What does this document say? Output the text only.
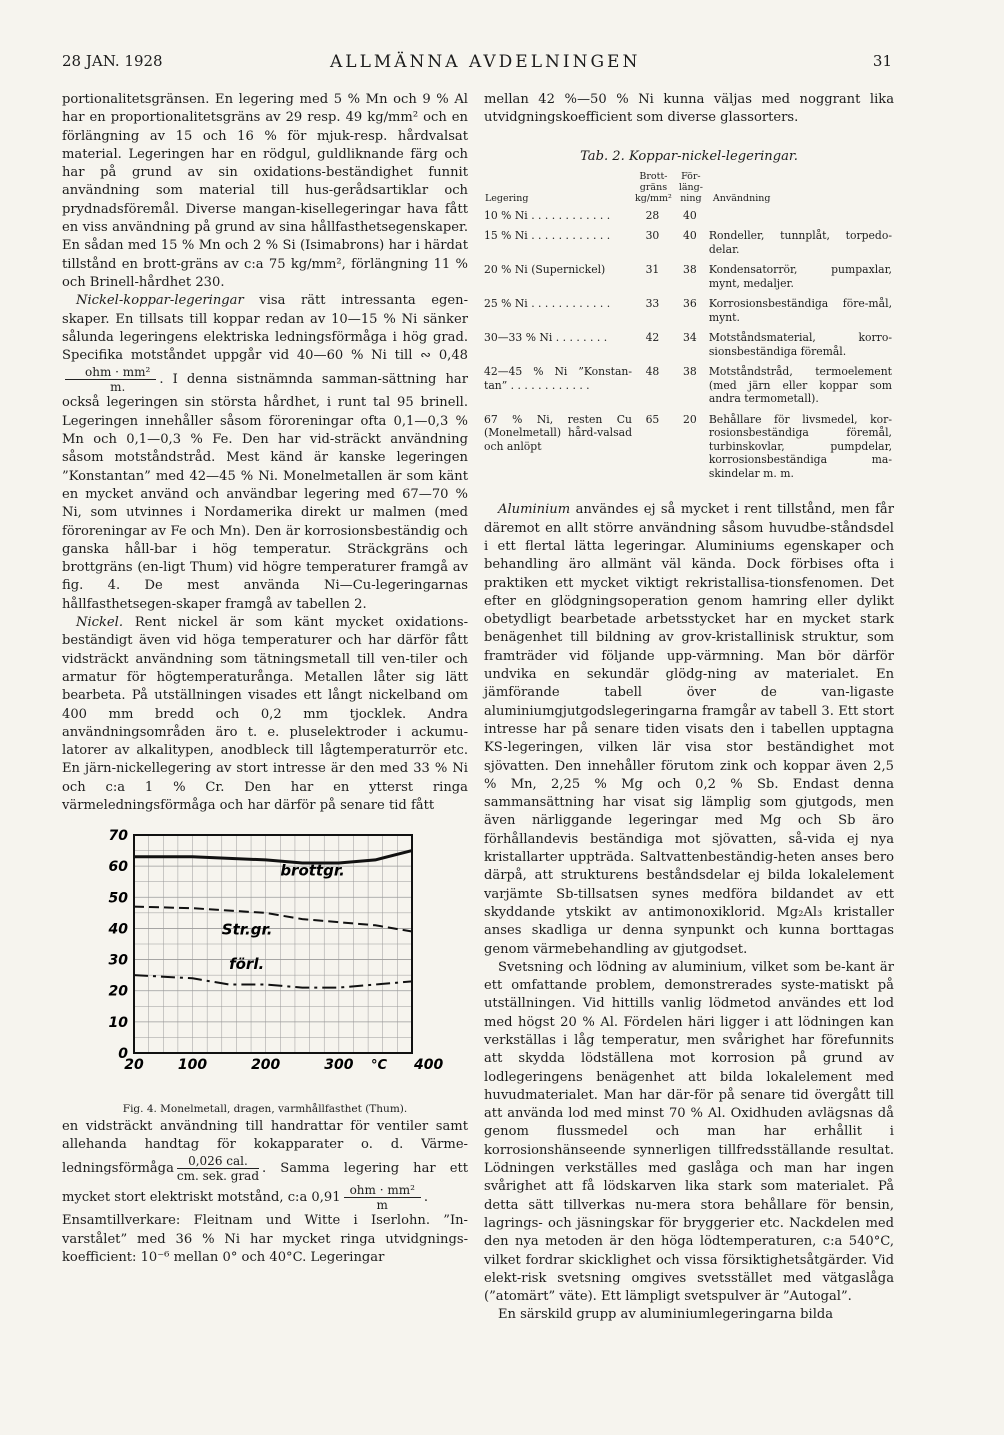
28 JAN. 1928	ALLMÄNNA AVDELNINGEN	31

portionalitetsgränsen. En legering med 5 % Mn och 9 % Al har en proportionalitetsgräns av 29 resp. 49 kg/mm² och en förlängning av 15 och 16 % för mjuk-resp. hårdvalsat material. Legeringen har en rödgul, guldliknande färg och har på grund av sin oxidations-beständighet funnit användning som material till hus-gerådsartiklar och prydnadsföremål. Diverse mangan-kisellegeringar hava fått en viss användning på grund av sina hållfasthetsegenskaper. En sådan med 15 % Mn och 2 % Si (Isimabrons) har i härdat tillstånd en brott-gräns av c:a 75 kg/mm², förlängning 11 % och Brinell-hårdhet 230.

Nickel-koppar-legeringar visa rätt intressanta egen-skaper. En tillsats till koppar redan av 10—15 % Ni sänker sålunda legeringens elektriska ledningsförmåga i hög grad. Specifika motståndet uppgår vid 40—60 % Ni till ∾ 0,48
$\frac{\text{ohm · mm²}}{m.}$ . I denna sistnämnda samman-sättning har också legeringen sin största hårdhet, i runt tal 95 brinell. Legeringen innehåller såsom föroreningar ofta 0,1—0,3 % Mn och 0,1—0,3 % Fe. Den har vid-sträckt användning såsom motståndstråd. Mest känd är kanske legeringen ”Konstantan” med 42—45 % Ni. Monelmetallen är som känt en mycket använd och användbar legering med 67—70 % Ni, som utvinnes i Nordamerika direkt ur malmen (med föroreningar av Fe och Mn). Den är korrosionsbeständig och ganska håll-bar i hög temperatur. Sträckgräns och brottgräns (en-ligt Thum) vid högre temperaturer framgå av fig. 4. De mest använda Ni—Cu-legeringarnas hållfasthetsegen-skaper framgå av tabellen 2.

Nickel. Rent nickel är som känt mycket oxidations-beständigt även vid höga temperaturer och har därför fått vidsträckt användning som tätningsmetall till ven-tiler och armatur för högtemperaturånga. Metallen låter sig lätt bearbeta. På utställningen visades ett långt nickelband om 400 mm bredd och 0,2 mm tjocklek. Andra användningsområden äro t. e. pluselektroder i ackumu-latorer av alkalitypen, anodbleck till lågtemperaturrör etc. En järn-nickellegering av stort intresse är den med 33 % Ni och c:a 1 % Cr. Den har en ytterst ringa värmeledningsförmåga och har därför på senare tid fått

70
60
50
40
30
20
10
0
20 100	200	300	400
°C
brottgr.
Str.gr.
förl.
Fig. 4. Monelmetall, dragen, varmhållfasthet (Thum).

en vidsträckt användning till handrattar för ventiler samt allehanda handtag för kokapparater o. d. Värme-ledningsförmåga $\frac{\text{0,026 cal.}}{\text{cm. sek. grad}}$ . Samma legering har ett mycket stort elektriskt motstånd, c:a $0,91 \frac{\text{ohm · mm²}}{m}$ .

Ensamtillverkare: Fleitnam und Witte i Iserlohn. ”In-varstålet” med 36 % Ni har mycket ringa utvidgnings-koefficient: 10⁻⁶ mellan 0° och 40°C. Legeringar

mellan 42 %—50 % Ni kunna väljas med noggrant lika utvidgningskoefficient som diverse glassorters.

Tab. 2. Koppar-nickel-legeringar.
Legering	Brott-gräns kg/mm²	För-läng-ning	Användning
10 % Ni . . . . . . . . . . . .	28	40	
15 % Ni . . . . . . . . . . . .	30	40	Rondeller, tunnplåt, torpedo-delar.
20 % Ni (Supernickel)	31	38	Kondensatorrör, pumpaxlar, mynt, medaljer.
25 % Ni . . . . . . . . . . . .	33	36	Korrosionsbeständiga före-mål, mynt.
30—33 % Ni . . . . . . . .	42	34	Motståndsmaterial, korro-sionsbeständiga föremål.
42—45 % Ni ”Konstan-tan” . . . . . . . . . . . .	48	38	Motståndstråd, termoelement (med järn eller koppar som andra termometall).
67 % Ni, resten Cu (Monelmetall) hård-valsad och anlöpt	65	20	Behållare för livsmedel, kor-rosionsbeständiga föremål, turbinskovlar, pumpdelar, korrosionsbeständiga ma-skindelar m. m.

Aluminium användes ej så mycket i rent tillstånd, men får däremot en allt större användning såsom huvudbe-ståndsdel i ett flertal lätta legeringar. Aluminiums egenskaper och behandling äro allmänt väl kända. Dock förbises ofta i praktiken ett mycket viktigt rekristallisa-tionsfenomen. Det efter en glödgningsoperation genom hamring eller dylikt obetydligt bearbetade arbetsstycket har en mycket stark benägenhet till bildning av grov-kristallinisk struktur, som framträder vid följande upp-värmning. Man bör därför undvika en sekundär glödg-ning av materialet. En jämförande tabell över de van-ligaste aluminiumgjutgodslegeringarna framgår av tabell 3. Ett stort intresse har på senare tiden visats den i tabellen upptagna KS-legeringen, vilken lär visa stor beständighet mot sjövatten. Den innehåller förutom zink och koppar även 2,5 % Mn, 2,25 % Mg och 0,2 % Sb. Endast denna sammansättning har visat sig lämplig som gjutgods, men även närliggande legeringar med Mg och Sb äro förhållandevis beständiga mot sjövatten, så-vida ej nya kristallarter uppträda. Saltvattenbeständig-heten anses bero därpå, att strukturens beståndsdelar ej bilda lokalelement varjämte Sb-tillsatsen synes medföra bildandet av ett skyddande ytskikt av antimonoxiklorid. Mg₂Al₃ kristaller anses skadliga ur denna synpunkt och kunna borttagas genom värmebehandling av gjutgodset.

Svetsning och lödning av aluminium, vilket som be-kant är ett omfattande problem, demonstrerades syste-matiskt på utställningen. Vid hittills vanlig lödmetod användes ett lod med högst 20 % Al. Fördelen häri ligger i att lödningen kan verkställas i låg temperatur, men svårighet har förefunnits att skydda lödställena mot korrosion på grund av lodlegeringens benägenhet att bilda lokalelement med huvudmaterialet. Man har där-för på senare tid övergått till att använda lod med minst 70 % Al. Oxidhuden avlägsnas då genom flussmedel och man har erhållit i korrosionshänseende synnerligen tillfredsställande resultat. Lödningen verkställes med gaslåga och man har ingen svårighet att få lödskarven lika stark som materialet. På detta sätt tillverkas nu-mera stora behållare för bensin, lagrings- och jäsningskar för bryggerier etc. Nackdelen med den nya metoden är den höga lödtemperaturen, c:a 540°C, vilket fordrar skicklighet och vissa försiktighetsåtgärder. Vid elekt-risk svetsning omgives svetsstället med vätgaslåga (”atomärt” väte). Ett lämpligt svetspulver är ”Autogal”.

En särskild grupp av aluminiumlegeringarna bilda
